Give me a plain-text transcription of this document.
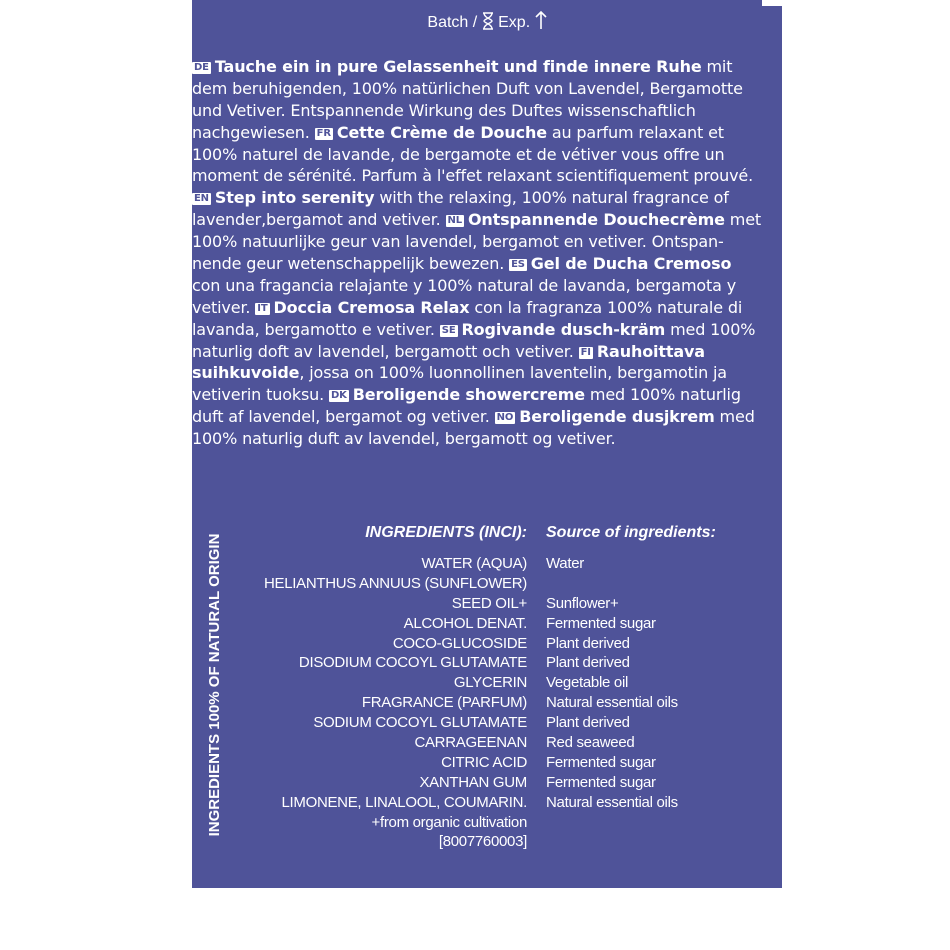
Batch / Exp.
DE Tauche ein in pure Gelassenheit und finde innere Ruhe mit
dem beruhigenden, 100% natürlichen Duft von Lavendel, Bergamotte
und Vetiver. Entspannende Wirkung des Duftes wissenschaftlich
nachgewiesen. FR Cette Crème de Douche au parfum relaxant et
100% naturel de lavande, de bergamote et de vétiver vous offre un
moment de sérénité. Parfum à l'effet relaxant scientifiquement prouvé.
EN Step into serenity with the relaxing, 100% natural fragrance of
lavender,bergamot and vetiver. NL Ontspannende Douchecrème met
100% natuurlijke geur van lavendel, bergamot en vetiver. Ontspan-
nende geur wetenschappelijk bewezen. ES Gel de Ducha Cremoso
con una fragancia relajante y 100% natural de lavanda, bergamota y
vetiver. IT Doccia Cremosa Relax con la fragranza 100% naturale di
lavanda, bergamotto e vetiver. SE Rogivande dusch-kräm med 100%
naturlig doft av lavendel, bergamott och vetiver. FI Rauhoittava
suihkuvoide, jossa on 100% luonnollinen laventelin, bergamotin ja
vetiverin tuoksu. DK Beroligende showercreme med 100% naturlig
duft af lavendel, bergamot og vetiver. NO Beroligende dusjkrem med
100% naturlig duft av lavendel, bergamott og vetiver.
INGREDIENTS 100% OF NATURAL ORIGIN
INGREDIENTS (INCI): Source of ingredients:
WATER (AQUA)
HELIANTHUS ANNUUS (SUNFLOWER)
SEED OIL+
ALCOHOL DENAT.
COCO-GLUCOSIDE
DISODIUM COCOYL GLUTAMATE
GLYCERIN
FRAGRANCE (PARFUM)
SODIUM COCOYL GLUTAMATE
CARRAGEENAN
CITRIC ACID
XANTHAN GUM
LIMONENE, LINALOOL, COUMARIN.
+from organic cultivation
[8007760003]
Water
Sunflower+
Fermented sugar
Plant derived
Plant derived
Vegetable oil
Natural essential oils
Plant derived
Red seaweed
Fermented sugar
Fermented sugar
Natural essential oils
*Incl. water | Inhaltsstoffe 100% natürlichen Ursprungs, inkl. Wasser |
Ingrédients 100% d'origine naturelle, eau incl. - Weleda logo
